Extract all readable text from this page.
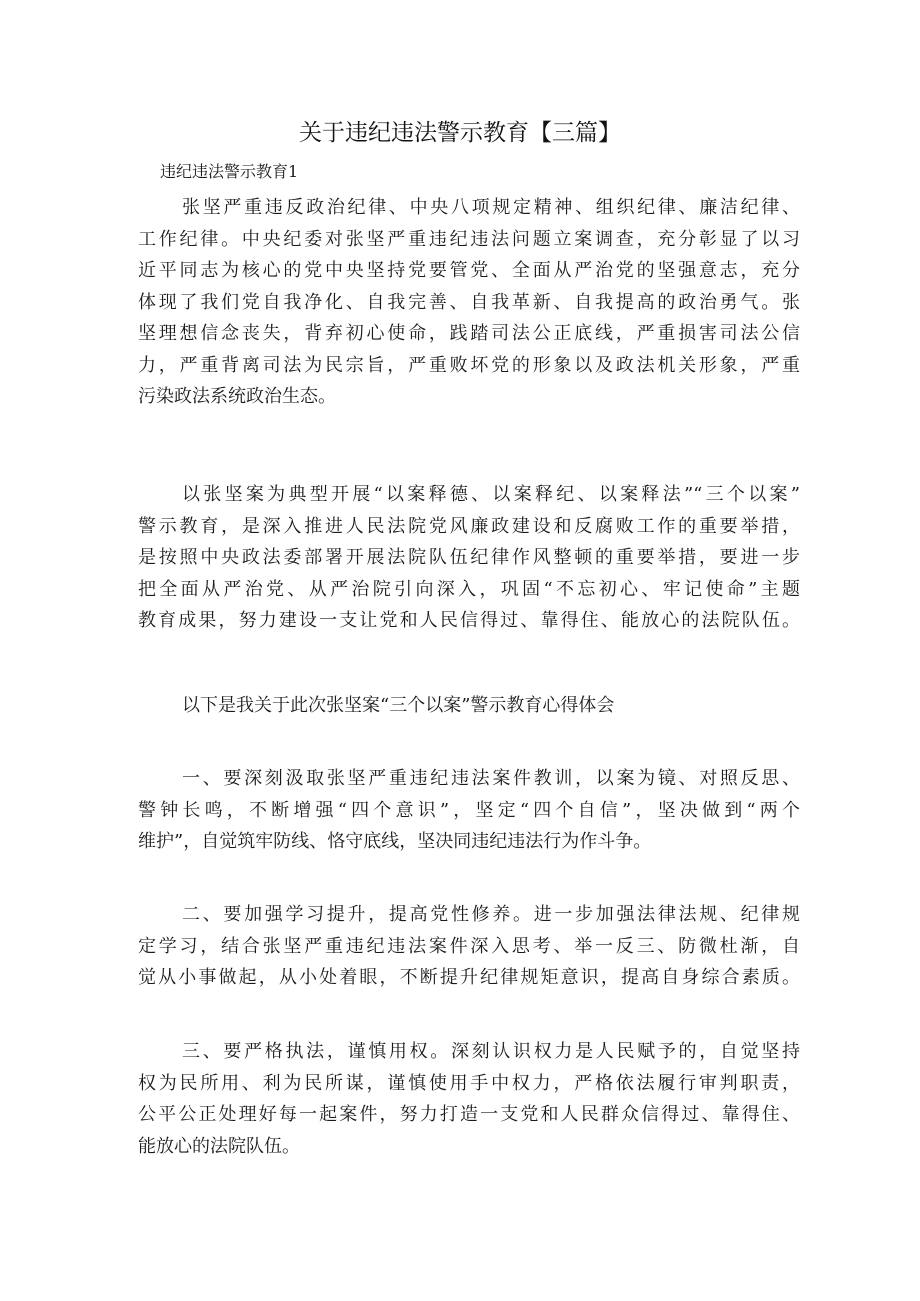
关于违纪违法警示教育【三篇】
违纪违法警示教育1
张坚严重违反政治纪律、中央八项规定精神、组织纪律、廉洁纪律、
工作纪律。中央纪委对张坚严重违纪违法问题立案调查，充分彰显了以习
近平同志为核心的党中央坚持党要管党、全面从严治党的坚强意志，充分
体现了我们党自我净化、自我完善、自我革新、自我提高的政治勇气。张
坚理想信念丧失，背弃初心使命，践踏司法公正底线，严重损害司法公信
力，严重背离司法为民宗旨，严重败坏党的形象以及政法机关形象，严重
污染政法系统政治生态。
以张坚案为典型开展“以案释德、以案释纪、以案释法”“三个以案”
警示教育，是深入推进人民法院党风廉政建设和反腐败工作的重要举措，
是按照中央政法委部署开展法院队伍纪律作风整顿的重要举措，要进一步
把全面从严治党、从严治院引向深入，巩固“不忘初心、牢记使命”主题
教育成果，努力建设一支让党和人民信得过、靠得住、能放心的法院队伍。
以下是我关于此次张坚案“三个以案”警示教育心得体会
一、要深刻汲取张坚严重违纪违法案件教训，以案为镜、对照反思、
警钟长鸣，不断增强“四个意识”，坚定“四个自信”，坚决做到“两个
维护”，自觉筑牢防线、恪守底线，坚决同违纪违法行为作斗争。
二、要加强学习提升，提高党性修养。进一步加强法律法规、纪律规
定学习，结合张坚严重违纪违法案件深入思考、举一反三、防微杜渐，自
觉从小事做起，从小处着眼，不断提升纪律规矩意识，提高自身综合素质。
三、要严格执法，谨慎用权。深刻认识权力是人民赋予的，自觉坚持
权为民所用、利为民所谋，谨慎使用手中权力，严格依法履行审判职责，
公平公正处理好每一起案件，努力打造一支党和人民群众信得过、靠得住、
能放心的法院队伍。
